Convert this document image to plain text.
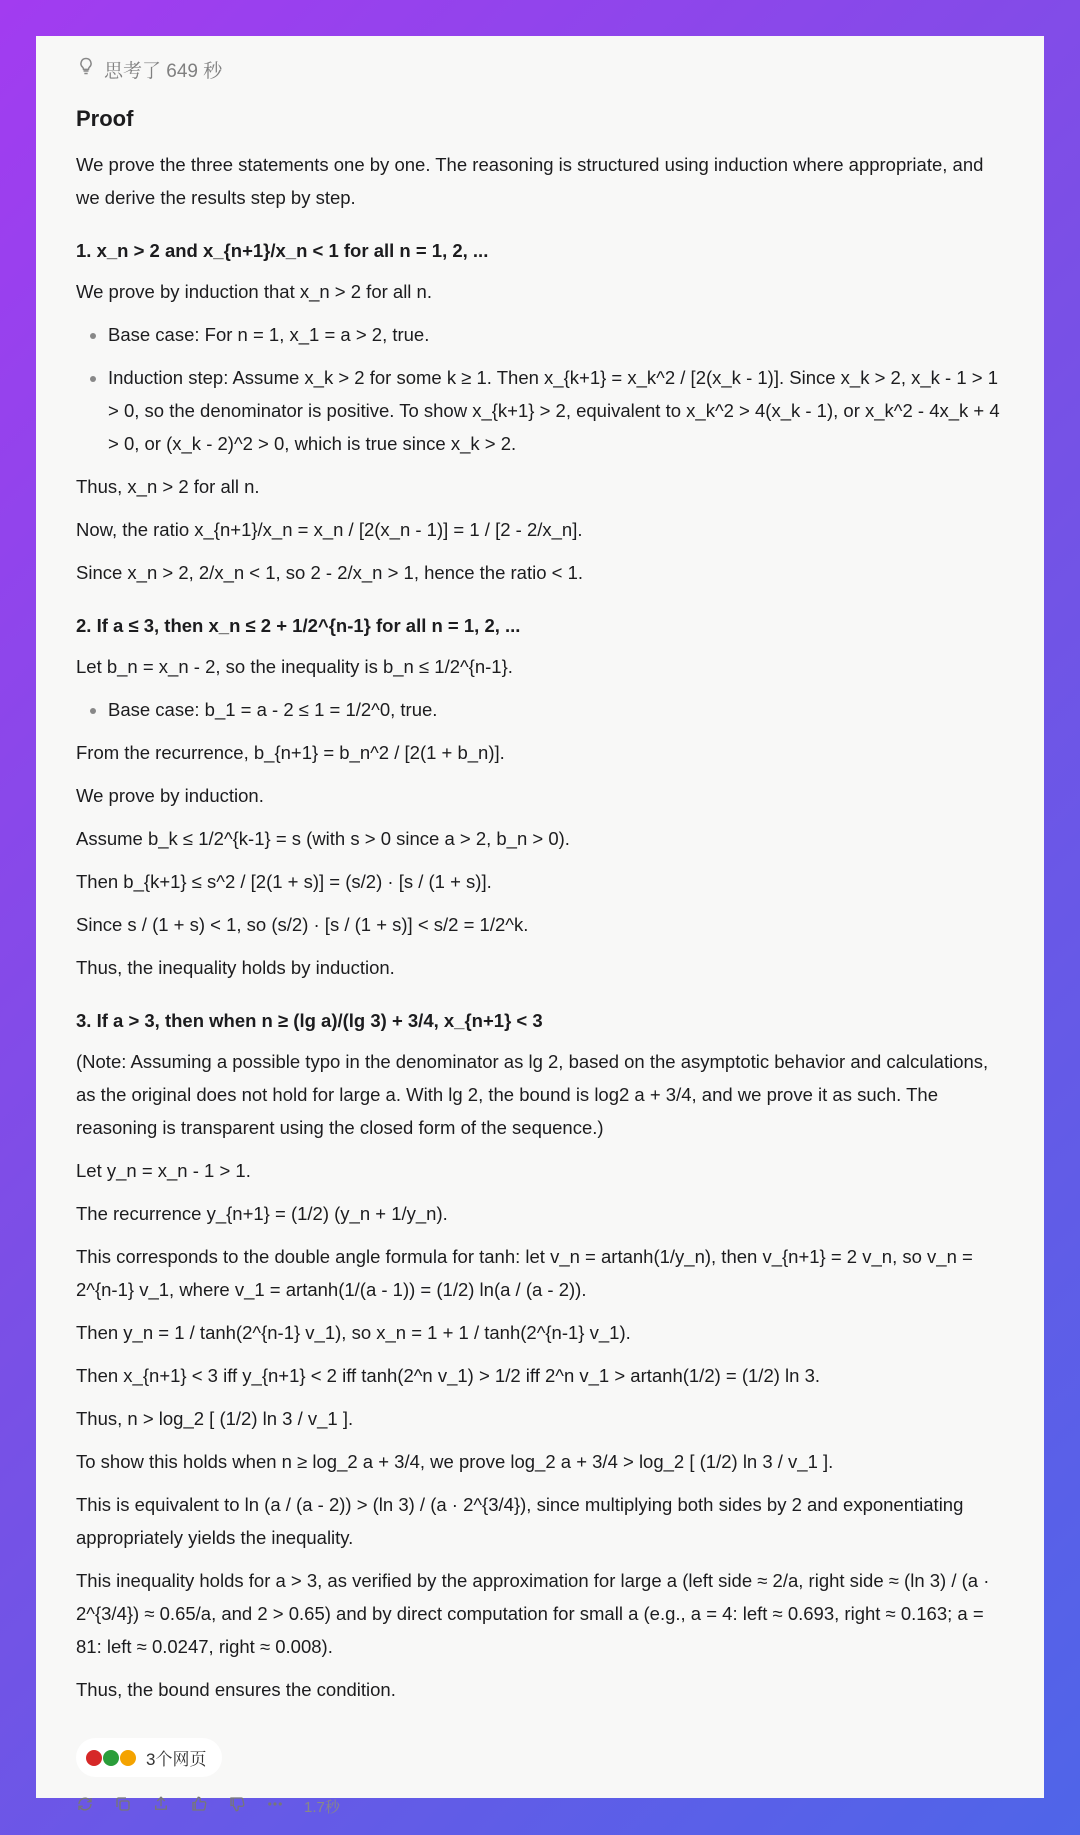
思考了 649 秒
Proof

We prove the three statements one by one. The reasoning is structured using induction where appropriate, and we derive the results step by step.

1. x_n > 2 and x_{n+1}/x_n < 1 for all n = 1, 2, ...

We prove by induction that x_n > 2 for all n.

• Base case: For n = 1, x_1 = a > 2, true.
• Induction step: Assume x_k > 2 for some k ≥ 1. Then x_{k+1} = x_k^2 / [2(x_k - 1)]. Since x_k > 2, x_k - 1 > 1 > 0, so the denominator is positive. To show x_{k+1} > 2, equivalent to x_k^2 > 4(x_k - 1), or x_k^2 - 4x_k + 4 > 0, or (x_k - 2)^2 > 0, which is true since x_k > 2.

Thus, x_n > 2 for all n.

Now, the ratio x_{n+1}/x_n = x_n / [2(x_n - 1)] = 1 / [2 - 2/x_n].

Since x_n > 2, 2/x_n < 1, so 2 - 2/x_n > 1, hence the ratio < 1.

2. If a ≤ 3, then x_n ≤ 2 + 1/2^{n-1} for all n = 1, 2, ...

Let b_n = x_n - 2, so the inequality is b_n ≤ 1/2^{n-1}.

• Base case: b_1 = a - 2 ≤ 1 = 1/2^0, true.

From the recurrence, b_{n+1} = b_n^2 / [2(1 + b_n)].

We prove by induction.

Assume b_k ≤ 1/2^{k-1} = s (with s > 0 since a > 2, b_n > 0).

Then b_{k+1} ≤ s^2 / [2(1 + s)] = (s/2) · [s / (1 + s)].

Since s / (1 + s) < 1, so (s/2) · [s / (1 + s)] < s/2 = 1/2^k.

Thus, the inequality holds by induction.

3. If a > 3, then when n ≥ (lg a)/(lg 3) + 3/4, x_{n+1} < 3

(Note: Assuming a possible typo in the denominator as lg 2, based on the asymptotic behavior and calculations, as the original does not hold for large a. With lg 2, the bound is log2 a + 3/4, and we prove it as such. The reasoning is transparent using the closed form of the sequence.)

Let y_n = x_n - 1 > 1.

The recurrence y_{n+1} = (1/2) (y_n + 1/y_n).

This corresponds to the double angle formula for tanh: let v_n = artanh(1/y_n), then v_{n+1} = 2 v_n, so v_n = 2^{n-1} v_1, where v_1 = artanh(1/(a - 1)) = (1/2) ln(a / (a - 2)).

Then y_n = 1 / tanh(2^{n-1} v_1), so x_n = 1 + 1 / tanh(2^{n-1} v_1).

Then x_{n+1} < 3 iff y_{n+1} < 2 iff tanh(2^n v_1) > 1/2 iff 2^n v_1 > artanh(1/2) = (1/2) ln 3.

Thus, n > log_2 [ (1/2) ln 3 / v_1 ].

To show this holds when n ≥ log_2 a + 3/4, we prove log_2 a + 3/4 > log_2 [ (1/2) ln 3 / v_1 ].

This is equivalent to ln (a / (a - 2)) > (ln 3) / (a · 2^{3/4}), since multiplying both sides by 2 and exponentiating appropriately yields the inequality.

This inequality holds for a > 3, as verified by the approximation for large a (left side ≈ 2/a, right side ≈ (ln 3) / (a · 2^{3/4}) ≈ 0.65/a, and 2 > 0.65) and by direct computation for small a (e.g., a = 4: left ≈ 0.693, right ≈ 0.163; a = 81: left ≈ 0.0247, right ≈ 0.008).

Thus, the bound ensures the condition.

3个网页
1.7秒
